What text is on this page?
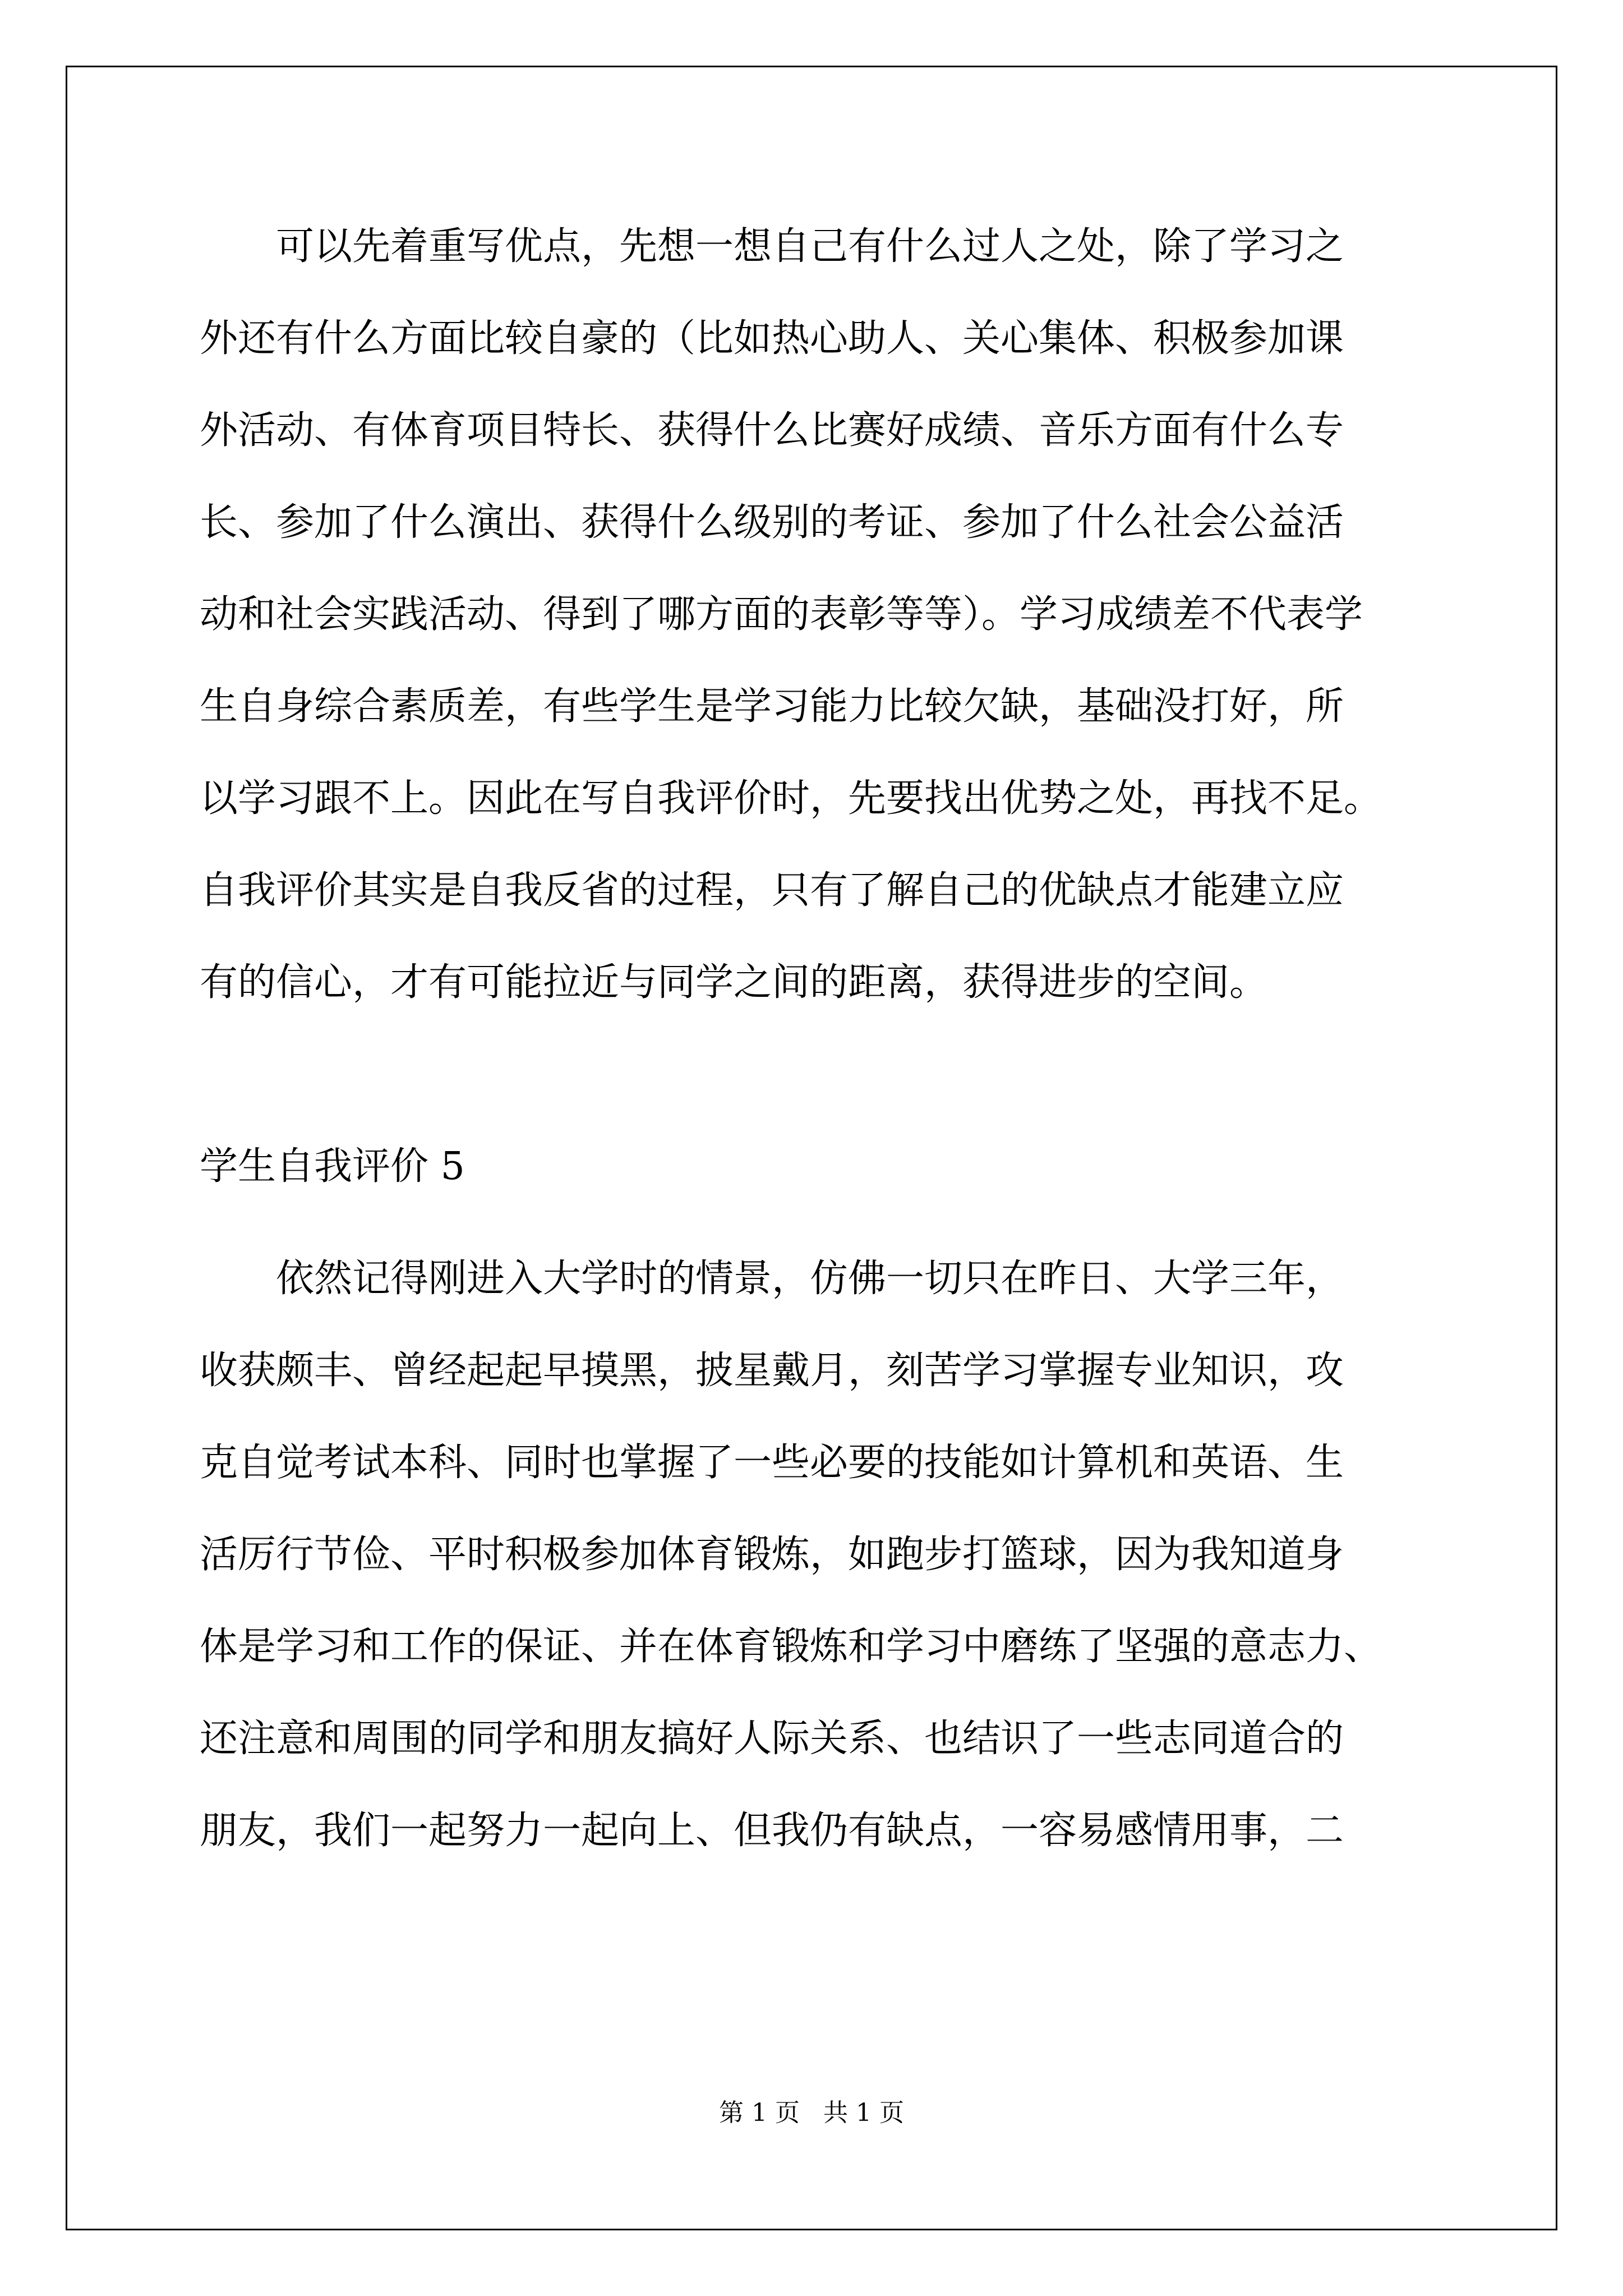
　　可以先着重写优点，先想一想自己有什么过人之处，除了学习之
外还有什么方面比较自豪的（比如热心助人、关心集体、积极参加课
外活动、有体育项目特长、获得什么比赛好成绩、音乐方面有什么专
长、参加了什么演出、获得什么级别的考证、参加了什么社会公益活
动和社会实践活动、得到了哪方面的表彰等等）。学习成绩差不代表学
生自身综合素质差，有些学生是学习能力比较欠缺，基础没打好，所
以学习跟不上。因此在写自我评价时，先要找出优势之处，再找不足。
自我评价其实是自我反省的过程，只有了解自己的优缺点才能建立应
有的信心，才有可能拉近与同学之间的距离，获得进步的空间。
学生自我评价 5
　　依然记得刚进入大学时的情景，仿佛一切只在昨日、大学三年，
收获颇丰、曾经起起早摸黑，披星戴月，刻苦学习掌握专业知识，攻
克自觉考试本科、同时也掌握了一些必要的技能如计算机和英语、生
活厉行节俭、平时积极参加体育锻炼，如跑步打篮球，因为我知道身
体是学习和工作的保证、并在体育锻炼和学习中磨练了坚强的意志力、
还注意和周围的同学和朋友搞好人际关系、也结识了一些志同道合的
朋友，我们一起努力一起向上、但我仍有缺点，一容易感情用事，二
第 1 页   共 1 页
